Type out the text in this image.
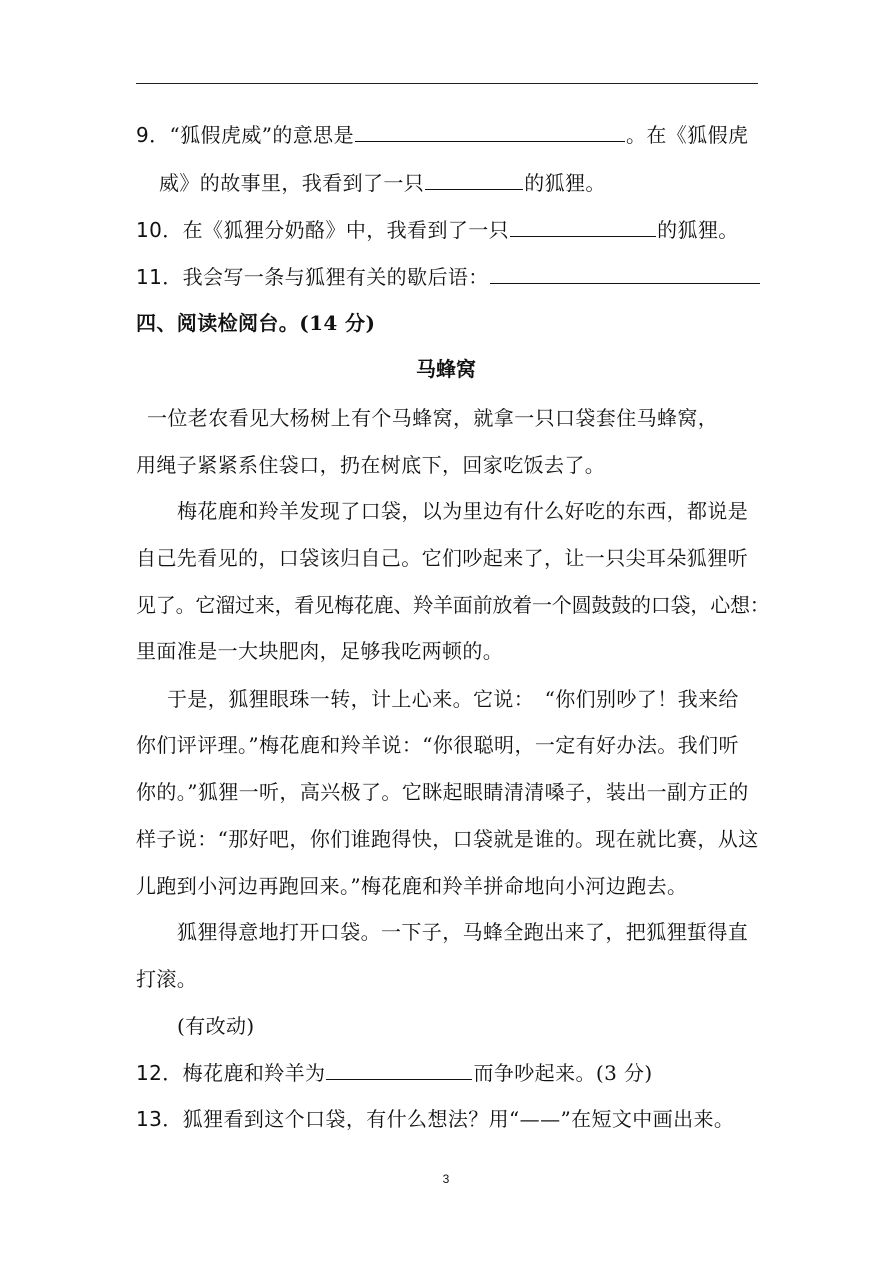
9．“狐假虎威”的意思是	。在《狐假虎
威》的故事里，我看到了一只	的狐狸。
10．在《狐狸分奶酪》中，我看到了一只	的狐狸。
11．我会写一条与狐狸有关的歇后语：
四、阅读检阅台。(14 分)
马蜂窝
一位老农看见大杨树上有个马蜂窝，就拿一只口袋套住马蜂窝，
用绳子紧紧系住袋口，扔在树底下，回家吃饭去了。
梅花鹿和羚羊发现了口袋，以为里边有什么好吃的东西，都说是
自己先看见的，口袋该归自己。它们吵起来了，让一只尖耳朵狐狸听
见了。它溜过来，看见梅花鹿、羚羊面前放着一个圆鼓鼓的口袋，心想：
里面准是一大块肥肉，足够我吃两顿的。
于是，狐狸眼珠一转，计上心来。它说：　“你们别吵了！我来给
你们评评理。”梅花鹿和羚羊说：“你很聪明，一定有好办法。我们听
你的。”狐狸一听，高兴极了。它眯起眼睛清清嗓子，装出一副方正的
样子说：“那好吧，你们谁跑得快，口袋就是谁的。现在就比赛，从这
儿跑到小河边再跑回来。”梅花鹿和羚羊拼命地向小河边跑去。
狐狸得意地打开口袋。一下子，马蜂全跑出来了，把狐狸蜇得直
打滚。
(有改动)
12．梅花鹿和羚羊为	而争吵起来。(3 分)
13．狐狸看到这个口袋，有什么想法？用“——”在短文中画出来。
3
